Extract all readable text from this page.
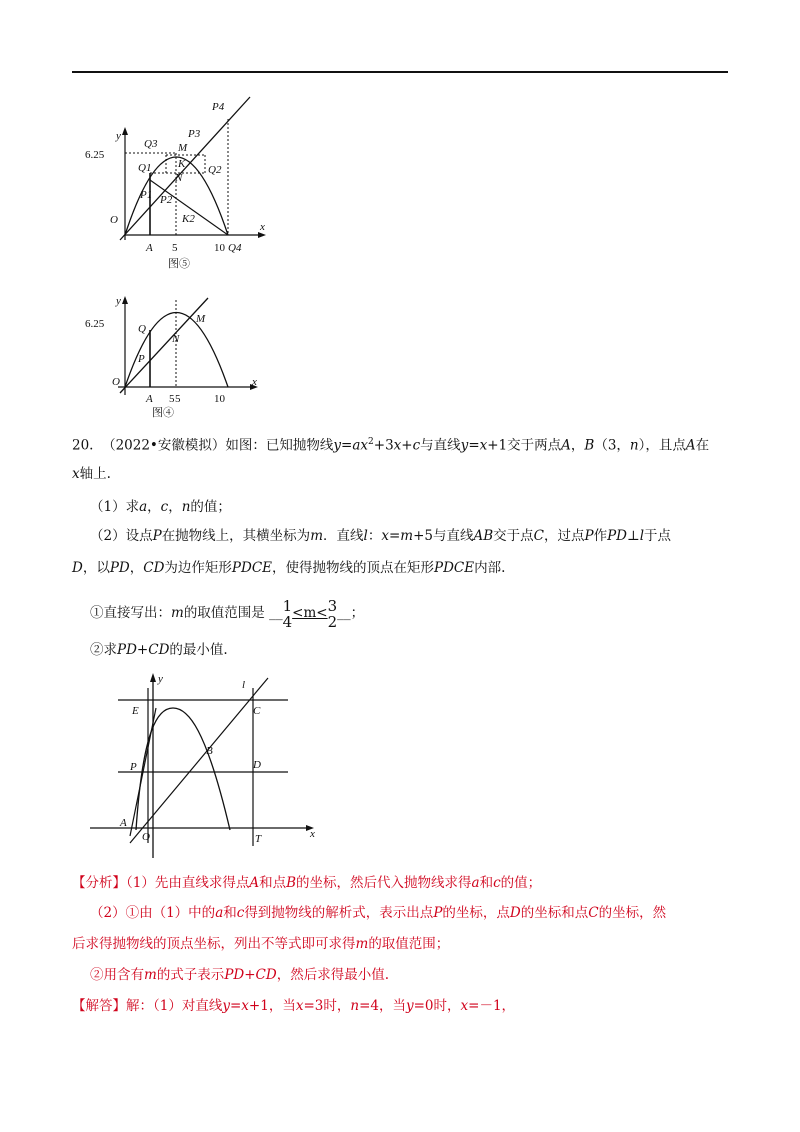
y
x
6.25
O
A 5	10
P4
P3
M
Q3
Q1 K
N
Q2
P1 P2
K2
Q4
图⑤
y
x
6.25
O
Q
M
N
P
A 5 5	10
图④
20. （2022•安徽模拟）如图：已知抛物线$y=ax^2+3x+c$与直线y=x+1交于两点A，B（3，n），且点A在
x轴上.
（1）求a，c，n的值；
（2）设点P在抛物线上，其横坐标为m．直线l：x=m+5与直线AB交于点C，过点P作PD⊥l于点
D，以PD，CD为边作矩形PDCE，使得抛物线的顶点在矩形PDCE内部.
①直接写出：m的取值范围是 __ 1
4 <m< 3
2 __；
②求PD+CD的最小值.
y
x
l
E	C
B
P	D
A
O	T
【分析】（1）先由直线求得点A和点B的坐标，然后代入抛物线求得a和c的值；
（2）①由（1）中的a和c得到抛物线的解析式，表示出点P的坐标，点D的坐标和点C的坐标，然
后求得抛物线的顶点坐标，列出不等式即可求得m的取值范围；
②用含有m的式子表示PD+CD，然后求得最小值.
【解答】解：（1）对直线y=x+1，当x=3时，n=4，当y=0时，x=－1，
